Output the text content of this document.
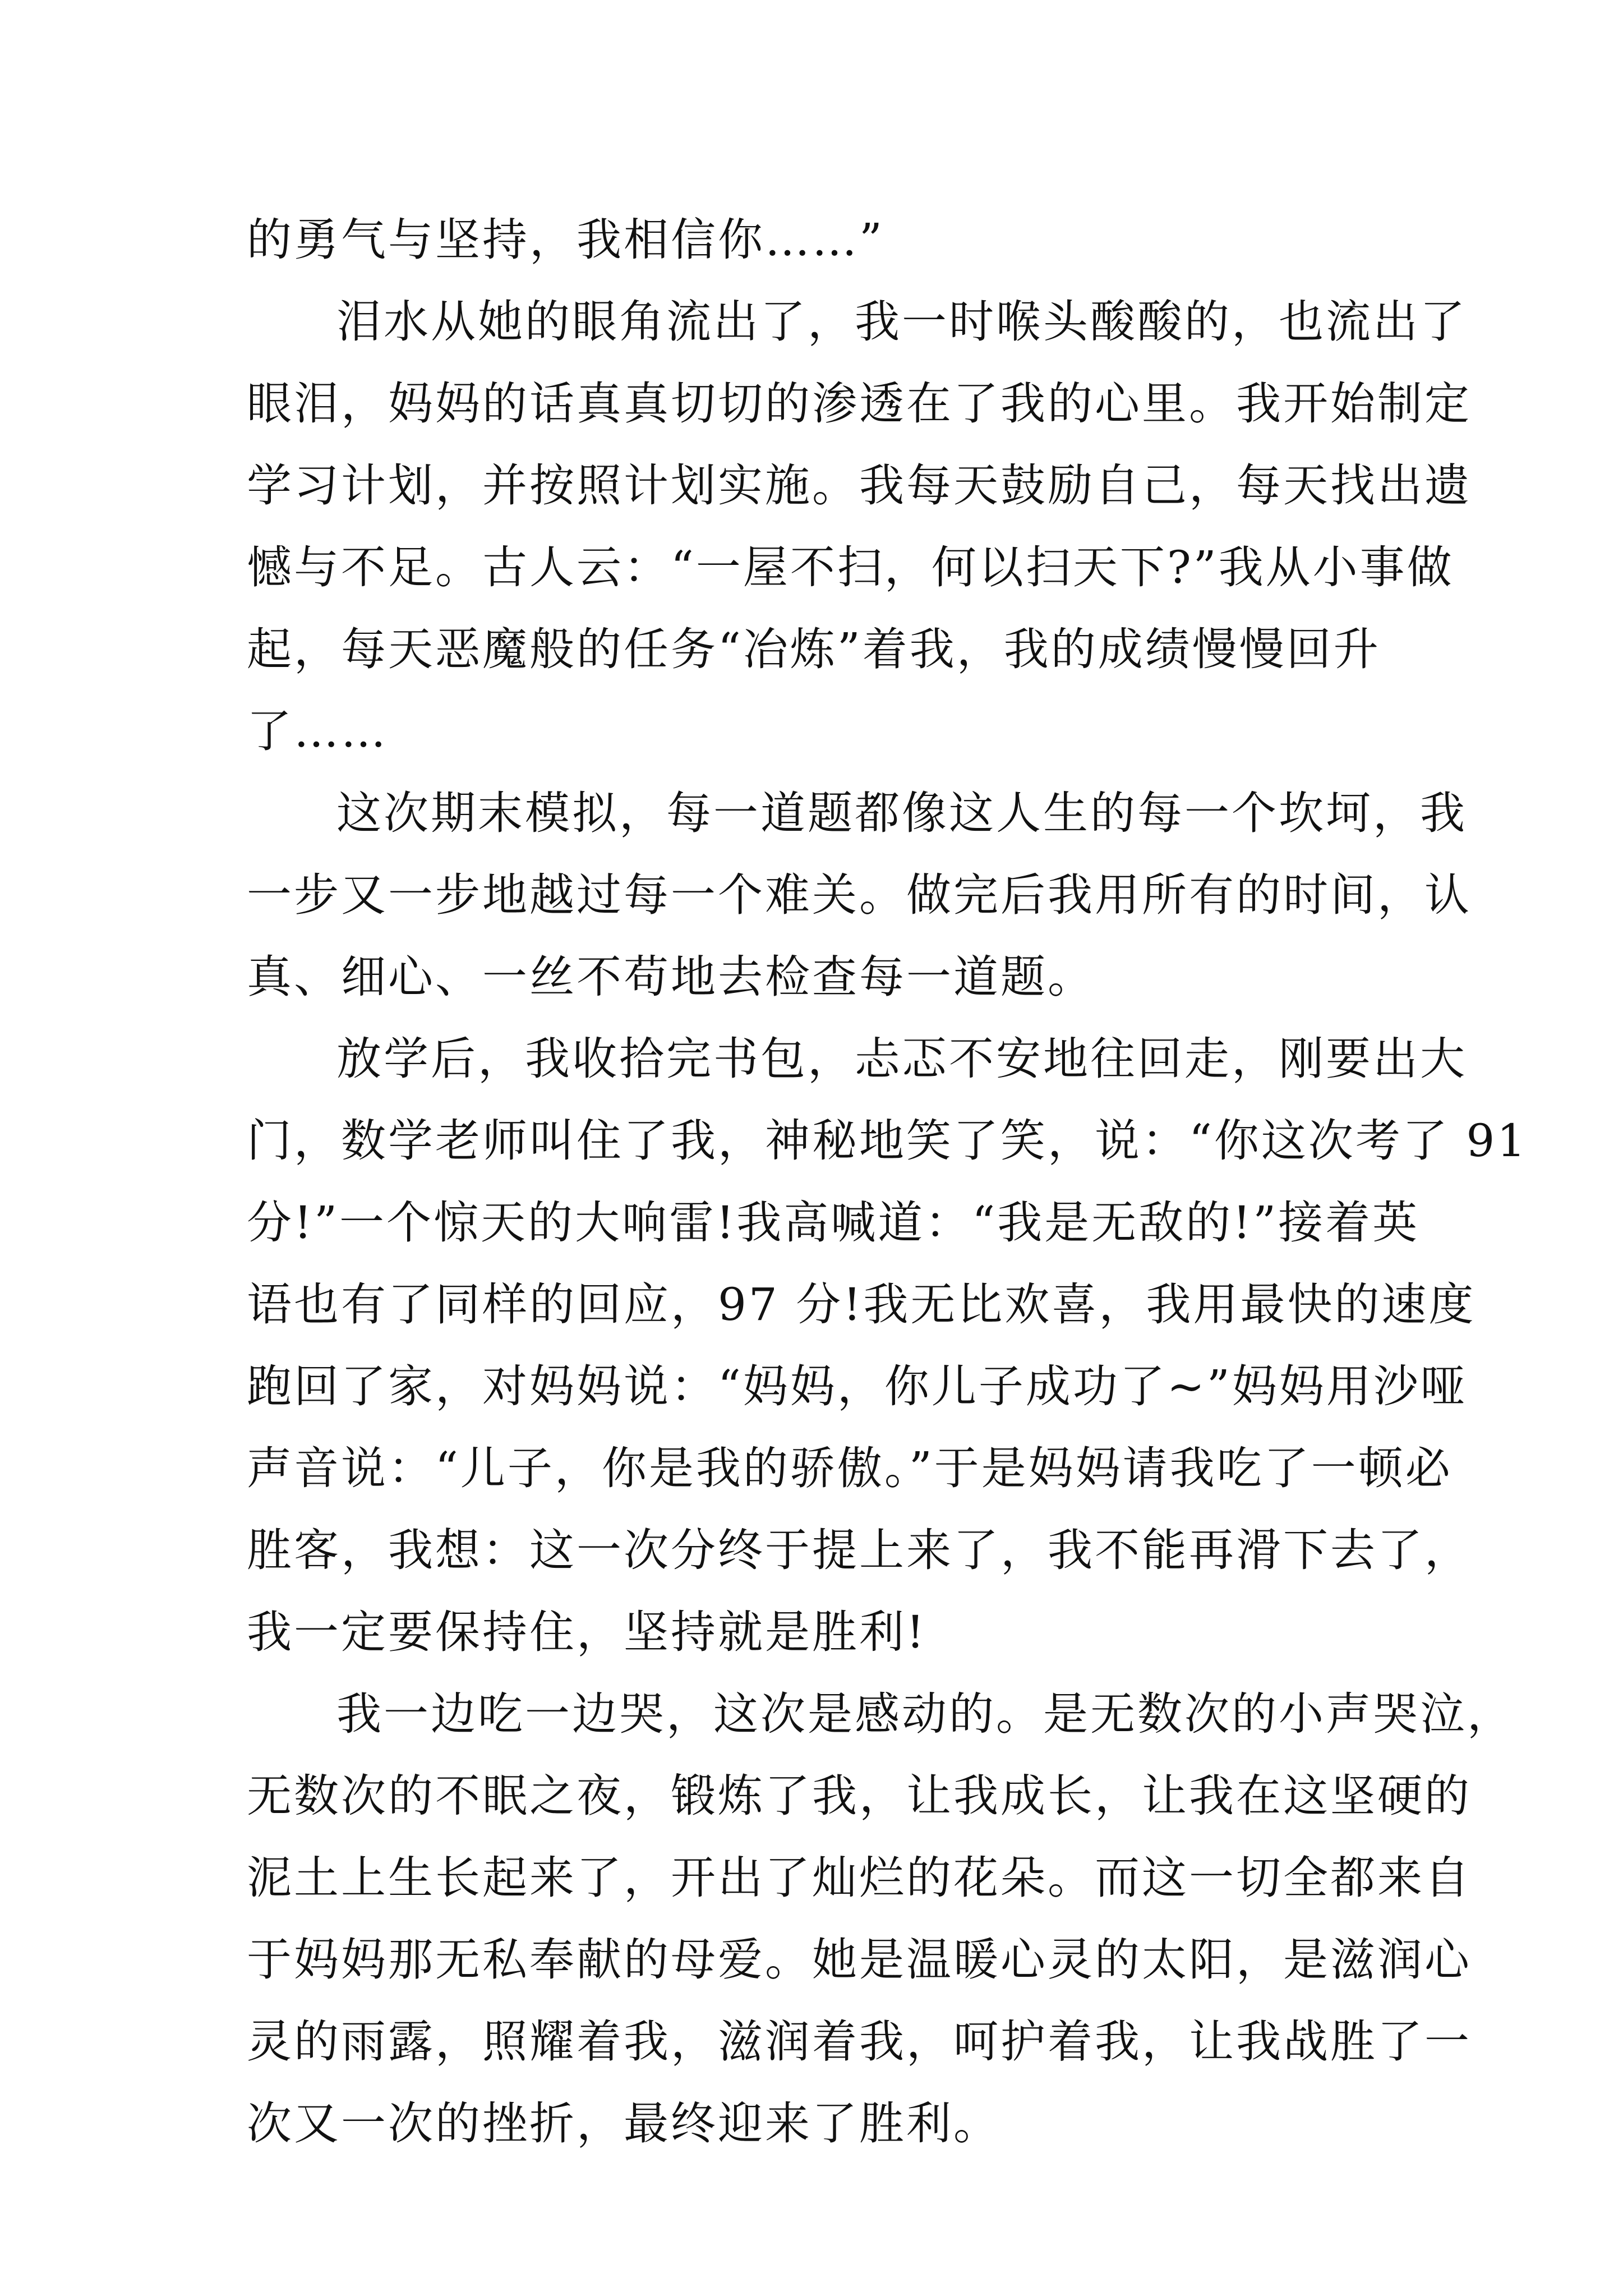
的勇气与坚持，我相信你……”
泪水从她的眼角流出了，我一时喉头酸酸的，也流出了
眼泪，妈妈的话真真切切的渗透在了我的心里。我开始制定
学习计划，并按照计划实施。我每天鼓励自己，每天找出遗
憾与不足。古人云：“一屋不扫，何以扫天下?”我从小事做
起，每天恶魔般的任务“冶炼”着我，我的成绩慢慢回升
了……
这次期末模拟，每一道题都像这人生的每一个坎坷，我
一步又一步地越过每一个难关。做完后我用所有的时间，认
真、细心、一丝不苟地去检查每一道题。
放学后，我收拾完书包，忐忑不安地往回走，刚要出大
门，数学老师叫住了我，神秘地笑了笑，说：“你这次考了 91
分!”一个惊天的大响雷!我高喊道：“我是无敌的!”接着英
语也有了同样的回应，97 分!我无比欢喜，我用最快的速度
跑回了家，对妈妈说：“妈妈，你儿子成功了~”妈妈用沙哑
声音说：“儿子，你是我的骄傲。”于是妈妈请我吃了一顿必
胜客，我想：这一次分终于提上来了，我不能再滑下去了，
我一定要保持住，坚持就是胜利!
我一边吃一边哭，这次是感动的。是无数次的小声哭泣，
无数次的不眠之夜，锻炼了我，让我成长，让我在这坚硬的
泥土上生长起来了，开出了灿烂的花朵。而这一切全都来自
于妈妈那无私奉献的母爱。她是温暖心灵的太阳，是滋润心
灵的雨露，照耀着我，滋润着我，呵护着我，让我战胜了一
次又一次的挫折，最终迎来了胜利。
